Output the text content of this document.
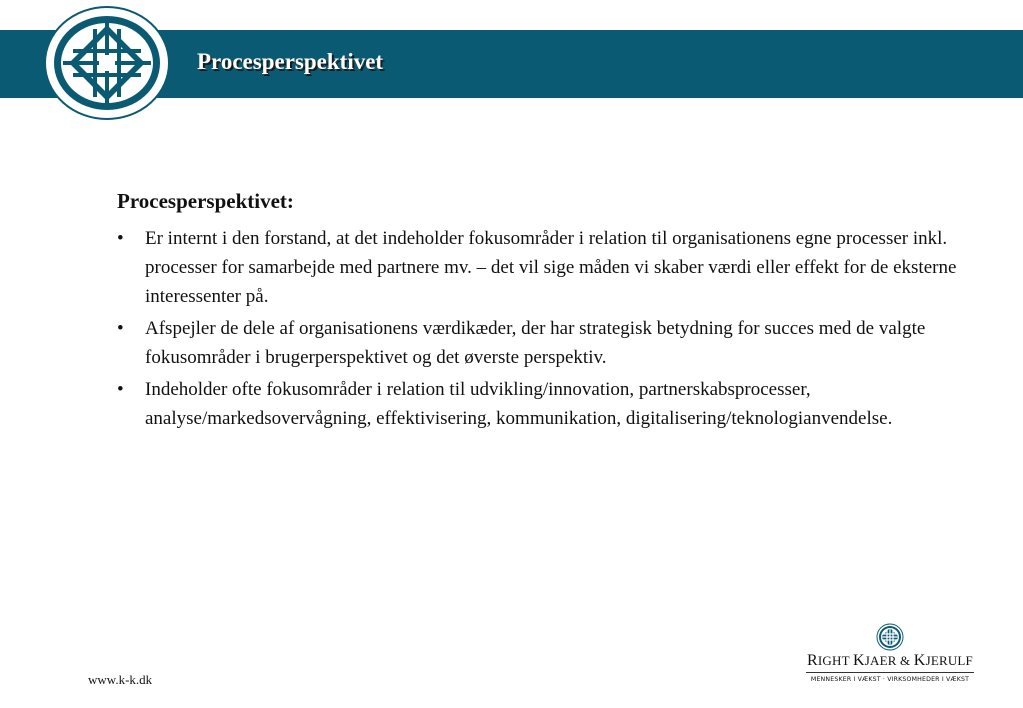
Procesperspektivet
Procesperspektivet:
• Er internt i den forstand, at det indeholder fokusområder i relation til organisationens egne processer inkl. processer for samarbejde med partnere mv. – det vil sige måden vi skaber værdi eller effekt for de eksterne interessenter på.
• Afspejler de dele af organisationens værdikæder, der har strategisk betydning for succes med de valgte fokusområder i brugerperspektivet og det øverste perspektiv.
• Indeholder ofte fokusområder i relation til udvikling/innovation, partnerskabsprocesser, analyse/markedsovervågning, effektivisering, kommunikation, digitalisering/teknologianvendelse.
www.k-k.dk
RIGHT KJAER & KJERULF
MENNESKER I VÆKST · VIRKSOMHEDER I VÆKST
